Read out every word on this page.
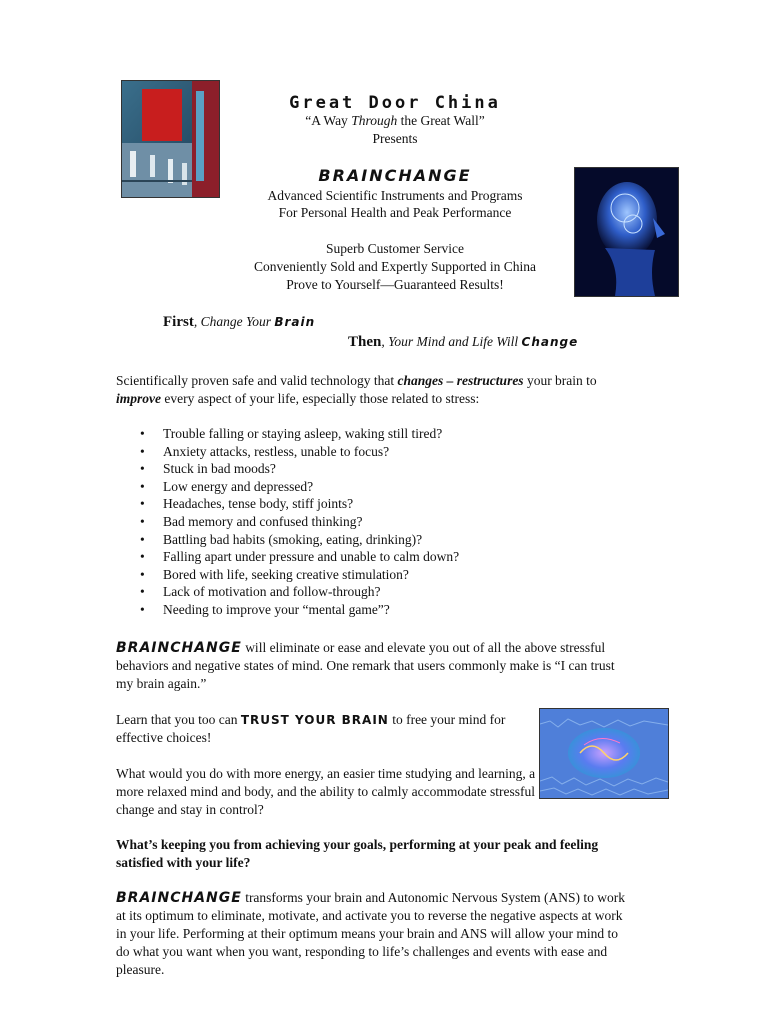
Great Door China
“A Way Through the Great Wall”
Presents
BRAINCHANGE
Advanced Scientific Instruments and Programs
For Personal Health and Peak Performance
Superb Customer Service
Conveniently Sold and Expertly Supported in China
Prove to Yourself—Guaranteed Results!
First, Change Your Brain
Then, Your Mind and Life Will Change
Scientifically proven safe and valid technology that changes – restructures your brain to improve every aspect of your life, especially those related to stress:
• Trouble falling or staying asleep, waking still tired?
• Anxiety attacks, restless, unable to focus?
• Stuck in bad moods?
• Low energy and depressed?
• Headaches, tense body, stiff joints?
• Bad memory and confused thinking?
• Battling bad habits (smoking, eating, drinking)?
• Falling apart under pressure and unable to calm down?
• Bored with life, seeking creative stimulation?
• Lack of motivation and follow-through?
• Needing to improve your “mental game”?
BRAINCHANGE will eliminate or ease and elevate you out of all the above stressful behaviors and negative states of mind. One remark that users commonly make is “I can trust my brain again.”
Learn that you too can TRUST YOUR BRAIN to free your mind for effective choices!
What would you do with more energy, an easier time studying and learning, a more relaxed mind and body, and the ability to calmly accommodate stressful change and stay in control?
What’s keeping you from achieving your goals, performing at your peak and feeling satisfied with your life?
BRAINCHANGE transforms your brain and Autonomic Nervous System (ANS) to work at its optimum to eliminate, motivate, and activate you to reverse the negative aspects at work in your life. Performing at their optimum means your brain and ANS will allow your mind to do what you want when you want, responding to life’s challenges and events with ease and pleasure.
